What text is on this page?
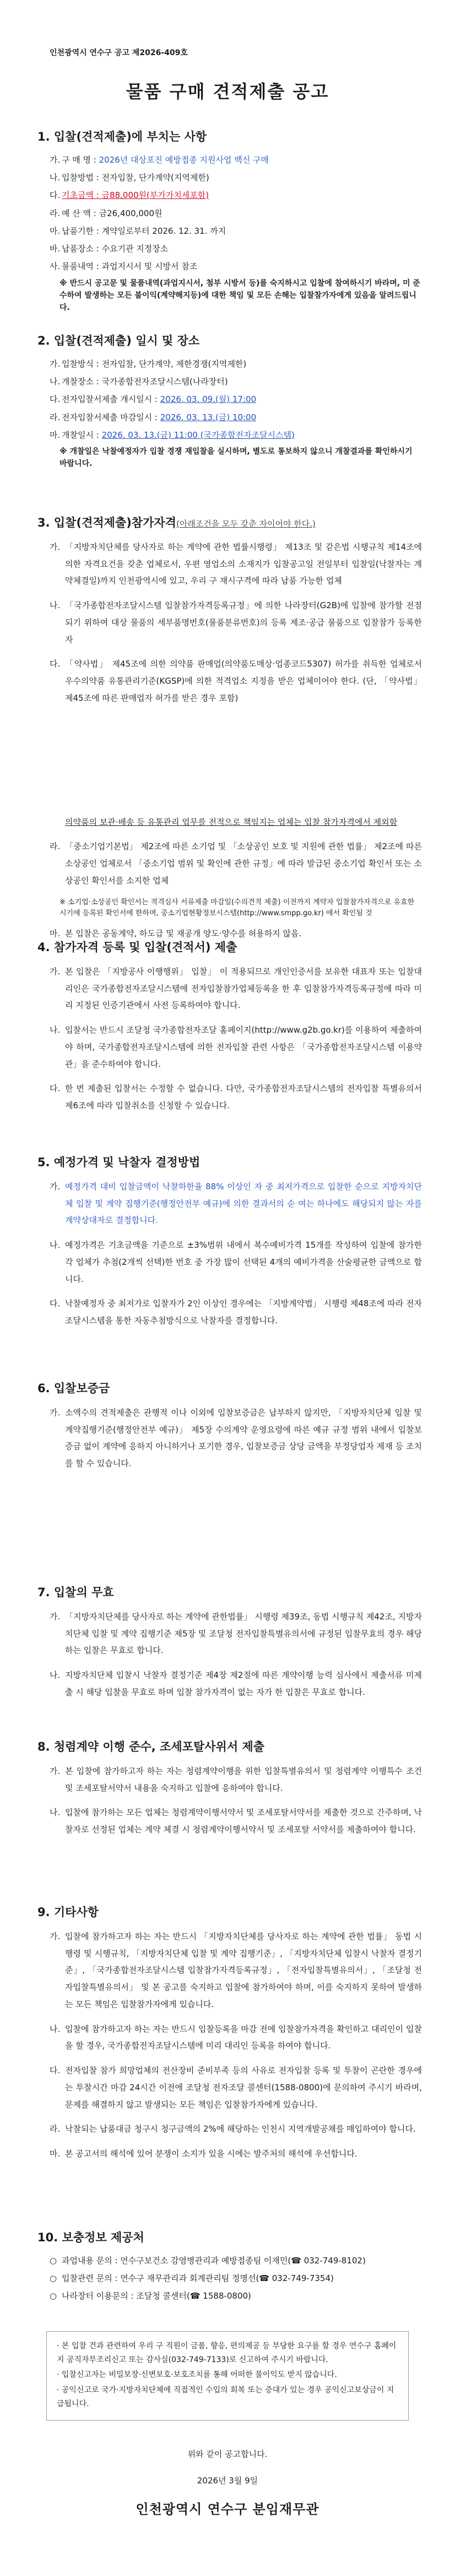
인천광역시 연수구 공고 제2026-409호
물품 구매 견적제출 공고
1. 입찰(견적제출)에 부치는 사항
가. 구 매 명 : 2026년 대상포진 예방접종 지원사업 백신 구매
나. 입찰방법 : 전자입찰, 단가계약(지역제한)
다. 기초금액 : 금88,000원(부가가치세포함)
라. 예 산 액 : 금26,400,000원
마. 납품기한 : 계약일로부터 2026. 12. 31. 까지
바. 납품장소 : 수요기관 지정장소
사. 물품내역 : 과업지시서 및 시방서 참조
※ 반드시 공고문 및 물품내역(과업지시서, 첨부 시방서 등)를 숙지하시고 입찰에 참여하시기 바라며, 미 준수하여 발생하는 모든 불이익(계약해지등)에 대한 책임 및 모든 손해는 입찰참가자에게 있음을 알려드립니다.
2. 입찰(견적제출) 일시 및 장소
가. 입찰방식 : 전자입찰, 단가계약, 제한경쟁(지역제한)
나. 개찰장소 : 국가종합전자조달시스템(나라장터)
다. 전자입찰서제출 개시일시 : 2026. 03. 09.(월) 17:00
라. 전자입찰서제출 마감일시 : 2026. 03. 13.(금) 10:00
마. 개찰일시 : 2026. 03. 13.(금) 11:00 (국가종합전자조달시스템)
※ 개찰일은 낙찰예정자가 입찰 경쟁 재입찰을 실시하며, 별도로 통보하지 않으니 개찰결과를 확인하시기 바랍니다.
3. 입찰(견적제출)참가자격(아래조건을 모두 갖춘 자이어야 한다.)
가. 「지방자치단체를 당사자로 하는 계약에 관한 법률시행령」 제13조 및 같은법 시행규칙 제14조에 의한 자격요건을 갖춘 업체로서, 우편 영업소의 소재지가 입찰공고일 전일부터 입찰일(낙찰자는 계약체결일)까지 인천광역시에 있고, 우리 구 재시구격에 따라 납품 가능한 업체
나. 「국가종합전자조달시스템 입찰참가자격등록규정」에 의한 나라장터(G2B)에 입찰에 참가할 전점되기 위하여 대상 물품의 세부품명번호(물품분류번호)의 등록 제조·공급 물품으로 입찰참가 등록한 자
다. 「약사법」 제45조에 의한 의약품 판매업(의약품도매상·업종코드5307) 허가를 취득한 업체로서 우수의약품 유통관리기준(KGSP)에 의한 적격업소 지정을 받은 업체이어야 한다. (단, 「약사법」 제45조에 따른 판매업자 허가를 받은 경우 포함)
의약품의 보관·배송 등 유통관리 업무를 전적으로 책임지는 업체는 입찰 참가자격에서 제외함
라. 「중소기업기본법」 제2조에 따른 소기업 및 「소상공인 보호 및 지원에 관한 법률」 제2조에 따른 소상공인 업체로서 「중소기업 범위 및 확인에 관한 규정」에 따라 발급된 중소기업 확인서 또는 소상공인 확인서를 소지한 업체
※ 소기업·소상공인 확인서는 적격심사 서류제출 마감일(수의견적 제출) 이전까지 계약자 입찰참가자격으로 유효한 시기에 등록된 확인서에 한하며, 중소기업현황정보시스템(http://www.smpp.go.kr) 에서 확인됨 것
마. 본 입찰은 공동계약, 하도급 및 재공개 양도·양수를 허용하지 않음.
4. 참가자격 등록 및 입찰(견적서) 제출
가. 본 입찰은 「지방공사 이행행위」 입찰」 이 적용되므로 개인인증서를 보유한 대표자 또는 입찰대리인은 국가종합전자조달시스템에 전자입찰참가업체등록을 한 후 입찰참가자격등록규정에 따라 미리 지정된 인증기관에서 사전 등록하여야 합니다.
나. 입찰서는 반드시 조달청 국가종합전자조달 홈페이지(http://www.g2b.go.kr)를 이용하여 제출하여야 하며, 국가종합전자조달시스템에 의한 전자입찰 관련 사항은 「국가종합전자조달시스템 이용약관」을 준수하여야 합니다.
다. 한 번 제출된 입찰서는 수정할 수 없습니다. 다만, 국가종합전자조달시스템의 전자입찰 특별유의서 제6조에 따라 입찰취소를 신청할 수 있습니다.
5. 예정가격 및 낙찰자 결정방법
가. 예정가격 대비 입찰금액이 낙찰하한율 88% 이상인 자 중 최저가격으로 입찰한 순으로 지방자치단체 입찰 및 계약 집행기준(행정안전부 예규)에 의한 결과서의 순 여는 하나에도 해당되지 않는 자를 계약상대자로 결정합니다.
나. 예정가격은 기초금액을 기준으로 ±3%범위 내에서 복수예비가격 15개를 작성하여 입찰에 참가한 각 업체가 추첨(2개씩 선택)한 번호 중 가장 많이 선택된 4개의 예비가격을 산술평균한 금액으로 합니다.
다. 낙찰예정자 중 최저가로 입찰자가 2인 이상인 경우에는 「지방계약법」 시행령 제48조에 따라 전자조달시스템을 통한 자동추첨방식으로 낙찰자를 결정합니다.
6. 입찰보증금
가. 소액수의 견적제출은 관행적 이나 이외에 입찰보증금은 납부하지 않지만, 「지방자치단체 입찰 및 계약집행기준(행정안전부 예규)」 제5장 수의계약 운영요령에 따른 예규 규정 범위 내에서 입찰보증금 없이 계약에 응하지 아니하거나 포기한 경우, 입찰보증금 상당 금액을 부정당업자 제재 등 조치를 할 수 있습니다.
7. 입찰의 무효
가. 「지방자치단체를 당사자로 하는 계약에 관한법률」 시행령 제39조, 동법 시행규칙 제42조, 지방자치단체 입찰 및 계약 집행기준 제5장 및 조달청 전자입찰특별유의서에 규정된 입찰무효의 경우 해당하는 입찰은 무효로 합니다.
나. 지방자치단체 입찰시 낙찰자 결정기준 제4장 제2절에 따른 계약이행 능력 심사에서 제출서류 미제출 시 해당 입찰을 무효로 하며 입찰 참가자격이 없는 자가 한 입찰은 무효로 합니다.
8. 청렴계약 이행 준수, 조세포탈사위서 제출
가. 본 입찰에 참가하고자 하는 자는 청렴계약이행을 위한 입찰특별유의서 및 청렴계약 이행특수 조건 및 조세포탈서약서 내용을 숙지하고 입찰에 응하여야 합니다.
나. 입찰에 참가하는 모든 업체는 청렴계약이행서약서 및 조세포탈서약서를 제출한 것으로 간주하며, 낙찰자로 선정된 업체는 계약 체결 시 청렴계약이행서약서 및 조세포탈 서약서를 제출하여야 합니다.
9. 기타사항
가. 입찰에 참가하고자 하는 자는 반드시 「지방자치단체를 당사자로 하는 계약에 관한 법률」 동법 시행령 및 시행규칙, 「지방자치단체 입찰 및 계약 집행기준」, 「지방자치단체 입찰시 낙찰자 결정기준」, 「국가종합전자조달시스템 입찰참가자격등록규정」, 「전자입찰특별유의서」, 「조달청 전자입찰특별유의서」 및 본 공고를 숙지하고 입찰에 참가하여야 하며, 이를 숙지하지 못하여 발생하는 모든 책임은 입찰참가자에게 있습니다.
나. 입찰에 참가하고자 하는 자는 반드시 입찰등록을 마감 전에 입찰참가자격을 확인하고 대리인이 입찰을 할 경우, 국가종합전자조달시스템에 미리 대리인 등록을 하여야 합니다.
다. 전자입찰 참가 희망업체의 전산장비 준비부족 등의 사유로 전자입찰 등록 및 투찰이 곤란한 경우에는 투찰시간 마감 24시간 이전에 조달청 전자조달 콜센터(1588-0800)에 문의하여 주시기 바라며, 문제를 해결하지 않고 발생되는 모든 책임은 입찰참가자에게 있습니다.
라. 낙찰되는 납품대금 청구시 청구금액의 2%에 해당하는 인천시 지역개발공채를 매입하여야 합니다.
마. 본 공고서의 해석에 있어 분쟁이 소지가 있을 시에는 발주처의 해석에 우선합니다.
10. 보충정보 제공처
○ 과업내용 문의 : 연수구보건소 감염병관리과 예방접종팀 이재민(☎ 032-749-8102)
○ 입찰관련 문의 : 연수구 재무관리과 회계관리팀 정명선(☎ 032-749-7354)
○ 나라장터 이용문의 : 조달청 콜센터(☎ 1588-0800)

· 본 입찰 건과 관련하여 우리 구 직원이 금품, 향응, 편의제공 등 부당한 요구를 할 경우 연수구 홈페이지 공직자부조리신고 또는 감사실(032-749-7133)로 신고하여 주시기 바랍니다.

· 입찰신고자는 비밀보장·신변보호·보호조치를 통해 어떠한 불이익도 받지 않습니다.

· 공익신고로 국가·지방자치단체에 직접적인 수입의 회복 또는 증대가 있는 경우 공익신고보상금이 지급됩니다.

위와 같이 공고합니다.
2026년 3월 9일
인천광역시 연수구 분임재무관
